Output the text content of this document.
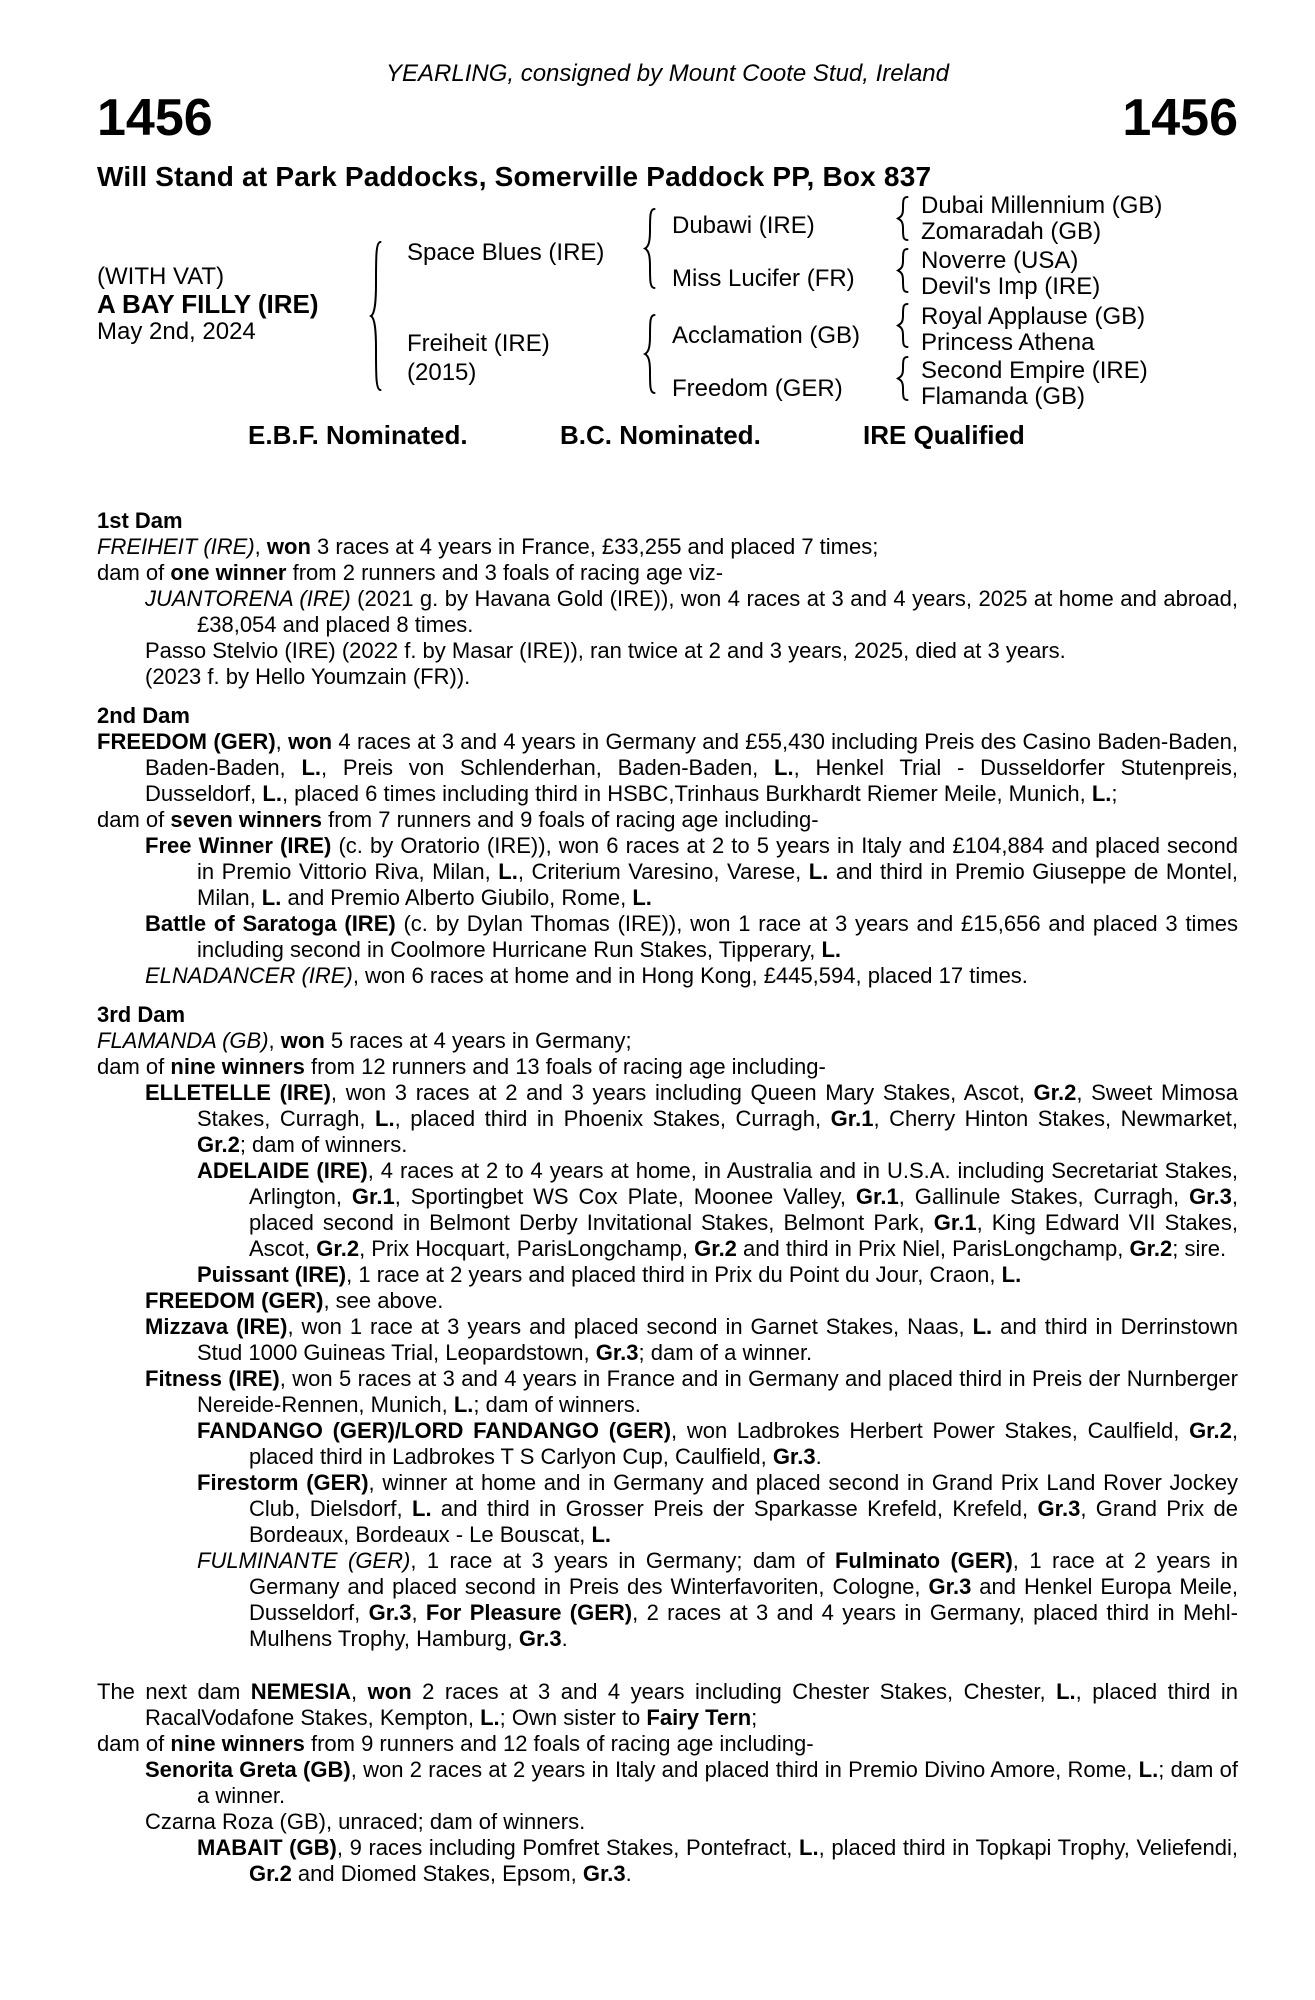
YEARLING, consigned by Mount Coote Stud, Ireland
1456	1456
Will Stand at Park Paddocks, Somerville Paddock PP, Box 837
(WITH VAT)
A BAY FILLY (IRE)
May 2nd, 2024
Space Blues (IRE)
Freiheit (IRE)
(2015)
Dubawi (IRE)
Miss Lucifer (FR)
Acclamation (GB)
Freedom (GER)
Dubai Millennium (GB)
Zomaradah (GB)
Noverre (USA)
Devil's Imp (IRE)
Royal Applause (GB)
Princess Athena
Second Empire (IRE)
Flamanda (GB)
E.B.F. Nominated.	B.C. Nominated.	IRE Qualified
1st Dam
FREIHEIT (IRE), won 3 races at 4 years in France, £33,255 and placed 7 times;
dam of one winner from 2 runners and 3 foals of racing age viz-
JUANTORENA (IRE) (2021 g. by Havana Gold (IRE)), won 4 races at 3 and 4 years, 2025 at home and abroad, £38,054 and placed 8 times.
Passo Stelvio (IRE) (2022 f. by Masar (IRE)), ran twice at 2 and 3 years, 2025, died at 3 years.
(2023 f. by Hello Youmzain (FR)).
2nd Dam
FREEDOM (GER), won 4 races at 3 and 4 years in Germany and £55,430 including Preis des Casino Baden-Baden, Baden-Baden, L., Preis von Schlenderhan, Baden-Baden, L., Henkel Trial - Dusseldorfer Stutenpreis, Dusseldorf, L., placed 6 times including third in HSBC,Trinhaus Burkhardt Riemer Meile, Munich, L.;
dam of seven winners from 7 runners and 9 foals of racing age including-
Free Winner (IRE) (c. by Oratorio (IRE)), won 6 races at 2 to 5 years in Italy and £104,884 and placed second in Premio Vittorio Riva, Milan, L., Criterium Varesino, Varese, L. and third in Premio Giuseppe de Montel, Milan, L. and Premio Alberto Giubilo, Rome, L.
Battle of Saratoga (IRE) (c. by Dylan Thomas (IRE)), won 1 race at 3 years and £15,656 and placed 3 times including second in Coolmore Hurricane Run Stakes, Tipperary, L.
ELNADANCER (IRE), won 6 races at home and in Hong Kong, £445,594, placed 17 times.
3rd Dam
FLAMANDA (GB), won 5 races at 4 years in Germany;
dam of nine winners from 12 runners and 13 foals of racing age including-
ELLETELLE (IRE), won 3 races at 2 and 3 years including Queen Mary Stakes, Ascot, Gr.2, Sweet Mimosa Stakes, Curragh, L., placed third in Phoenix Stakes, Curragh, Gr.1, Cherry Hinton Stakes, Newmarket, Gr.2; dam of winners.
ADELAIDE (IRE), 4 races at 2 to 4 years at home, in Australia and in U.S.A. including Secretariat Stakes, Arlington, Gr.1, Sportingbet WS Cox Plate, Moonee Valley, Gr.1, Gallinule Stakes, Curragh, Gr.3, placed second in Belmont Derby Invitational Stakes, Belmont Park, Gr.1, King Edward VII Stakes, Ascot, Gr.2, Prix Hocquart, ParisLongchamp, Gr.2 and third in Prix Niel, ParisLongchamp, Gr.2; sire.
Puissant (IRE), 1 race at 2 years and placed third in Prix du Point du Jour, Craon, L.
FREEDOM (GER), see above.
Mizzava (IRE), won 1 race at 3 years and placed second in Garnet Stakes, Naas, L. and third in Derrinstown Stud 1000 Guineas Trial, Leopardstown, Gr.3; dam of a winner.
Fitness (IRE), won 5 races at 3 and 4 years in France and in Germany and placed third in Preis der Nurnberger Nereide-Rennen, Munich, L.; dam of winners.
FANDANGO (GER)/LORD FANDANGO (GER), won Ladbrokes Herbert Power Stakes, Caulfield, Gr.2, placed third in Ladbrokes T S Carlyon Cup, Caulfield, Gr.3.
Firestorm (GER), winner at home and in Germany and placed second in Grand Prix Land Rover Jockey Club, Dielsdorf, L. and third in Grosser Preis der Sparkasse Krefeld, Krefeld, Gr.3, Grand Prix de Bordeaux, Bordeaux - Le Bouscat, L.
FULMINANTE (GER), 1 race at 3 years in Germany; dam of Fulminato (GER), 1 race at 2 years in Germany and placed second in Preis des Winterfavoriten, Cologne, Gr.3 and Henkel Europa Meile, Dusseldorf, Gr.3, For Pleasure (GER), 2 races at 3 and 4 years in Germany, placed third in Mehl-Mulhens Trophy, Hamburg, Gr.3.
The next dam NEMESIA, won 2 races at 3 and 4 years including Chester Stakes, Chester, L., placed third in RacalVodafone Stakes, Kempton, L.; Own sister to Fairy Tern;
dam of nine winners from 9 runners and 12 foals of racing age including-
Senorita Greta (GB), won 2 races at 2 years in Italy and placed third in Premio Divino Amore, Rome, L.; dam of a winner.
Czarna Roza (GB), unraced; dam of winners.
MABAIT (GB), 9 races including Pomfret Stakes, Pontefract, L., placed third in Topkapi Trophy, Veliefendi, Gr.2 and Diomed Stakes, Epsom, Gr.3.
